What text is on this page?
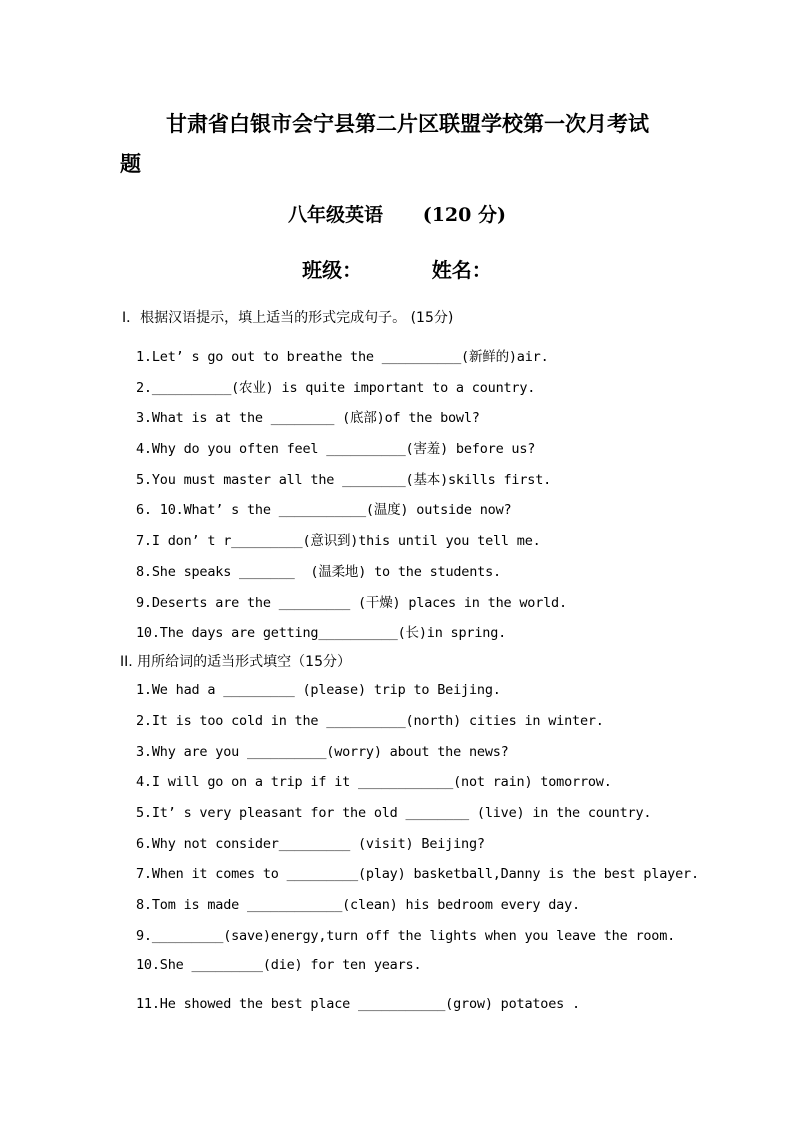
甘肃省白银市会宁县第二片区联盟学校第一次月考试
题
八年级英语      (120 分)
班级：          姓名：
I．根据汉语提示，填上适当的形式完成句子。 (15分)
1.Let’ s go out to breathe the __________(新鲜的)air.
2.__________(农业) is quite important to a country.
3.What is at the ________ (底部)of the bowl?
4.Why do you often feel __________(害羞) before us?
5.You must master all the ________(基本)skills first.
6. 10.What’ s the ___________(温度) outside now?
7.I don’ t r_________(意识到)this until you tell me.
8.She speaks _______  (温柔地) to the students.
9.Deserts are the _________ (干燥) places in the world.
10.The days are getting__________(长)in spring.
II. 用所给词的适当形式填空（15分）
1.We had a _________ (please) trip to Beijing.
2.It is too cold in the __________(north) cities in winter.
3.Why are you __________(worry) about the news?
4.I will go on a trip if it ____________(not rain) tomorrow.
5.It’ s very pleasant for the old ________ (live) in the country.
6.Why not consider_________ (visit) Beijing?
7.When it comes to _________(play) basketball,Danny is the best player.
8.Tom is made ____________(clean) his bedroom every day.
9._________(save)energy,turn off the lights when you leave the room.
10.She _________(die) for ten years.
11.He showed the best place ___________(grow) potatoes .
